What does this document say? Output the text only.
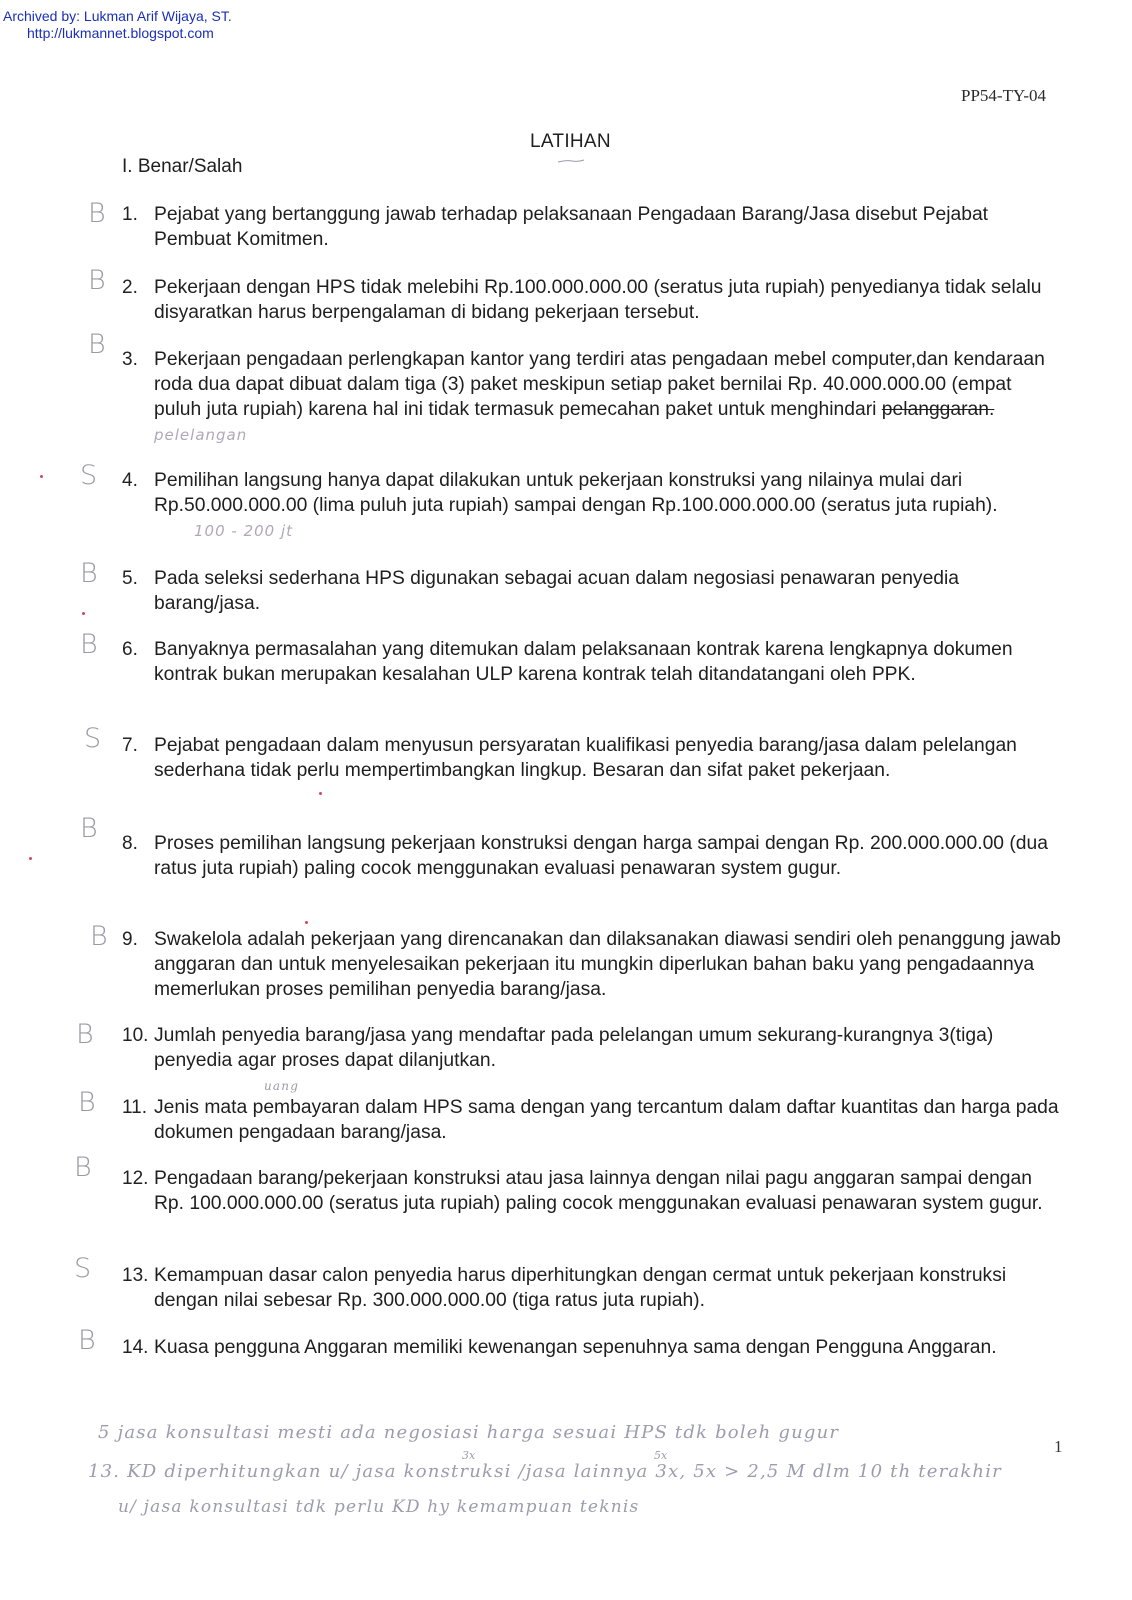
Archived by: Lukman Arif Wijaya, ST.
http://lukmannet.blogspot.com
PP54-TY-04
LATIHAN
I. Benar/Salah
B 1. Pejabat yang bertanggung jawab terhadap pelaksanaan Pengadaan Barang/Jasa disebut Pejabat Pembuat Komitmen.

B 2. Pekerjaan dengan HPS tidak melebihi Rp.100.000.000.00 (seratus juta rupiah) penyedianya tidak selalu disyaratkan harus berpengalaman di bidang pekerjaan tersebut.

B 3. Pekerjaan pengadaan perlengkapan kantor yang terdiri atas pengadaan mebel computer,dan kendaraan roda dua dapat dibuat dalam tiga (3) paket meskipun setiap paket bernilai Rp. 40.000.000.00 (empat puluh juta rupiah) karena hal ini tidak termasuk pemecahan paket untuk menghindari pelanggaran. pelelangan

S 4. Pemilihan langsung hanya dapat dilakukan untuk pekerjaan konstruksi yang nilainya mulai dari Rp.50.000.000.00 (lima puluh juta rupiah) sampai dengan Rp.100.000.000.00 (seratus juta rupiah). 100 - 200 jt

B 5. Pada seleksi sederhana HPS digunakan sebagai acuan dalam negosiasi penawaran penyedia barang/jasa.

B 6. Banyaknya permasalahan yang ditemukan dalam pelaksanaan kontrak karena lengkapnya dokumen kontrak bukan merupakan kesalahan ULP karena kontrak telah ditandatangani oleh PPK.

S 7. Pejabat pengadaan dalam menyusun persyaratan kualifikasi penyedia barang/jasa dalam pelelangan sederhana tidak perlu mempertimbangkan lingkup. Besaran dan sifat paket pekerjaan.

B 8. Proses pemilihan langsung pekerjaan konstruksi dengan harga sampai dengan Rp. 200.000.000.00 (dua ratus juta rupiah) paling cocok menggunakan evaluasi penawaran system gugur.

B 9. Swakelola adalah pekerjaan yang direncanakan dan dilaksanakan diawasi sendiri oleh penanggung jawab anggaran dan untuk menyelesaikan pekerjaan itu mungkin diperlukan bahan baku yang pengadaannya memerlukan proses pemilihan penyedia barang/jasa.

B 10. Jumlah penyedia barang/jasa yang mendaftar pada pelelangan umum sekurang-kurangnya 3(tiga) penyedia agar proses dapat dilanjutkan.

B 11. Jenis mata pembayaran dalam HPS sama dengan yang tercantum dalam daftar kuantitas dan harga pada dokumen pengadaan barang/jasa.

uang
B 12. Pengadaan barang/pekerjaan konstruksi atau jasa lainnya dengan nilai pagu anggaran sampai dengan Rp. 100.000.000.00 (seratus juta rupiah) paling cocok menggunakan evaluasi penawaran system gugur.

S 13. Kemampuan dasar calon penyedia harus diperhitungkan dengan cermat untuk pekerjaan konstruksi dengan nilai sebesar Rp. 300.000.000.00 (tiga ratus juta rupiah).

B 14. Kuasa pengguna Anggaran memiliki kewenangan sepenuhnya sama dengan Pengguna Anggaran.

5 jasa konsultasi mesti ada negosiasi harga sesuai HPS tdk boleh gugur
3x	5x
13. KD diperhitungkan u/ jasa konstruksi /jasa lainnya 3x, 5x > 2,5 M dlm 10 th terakhir
u/ jasa konsultasi tdk perlu KD hy kemampuan teknis
1
